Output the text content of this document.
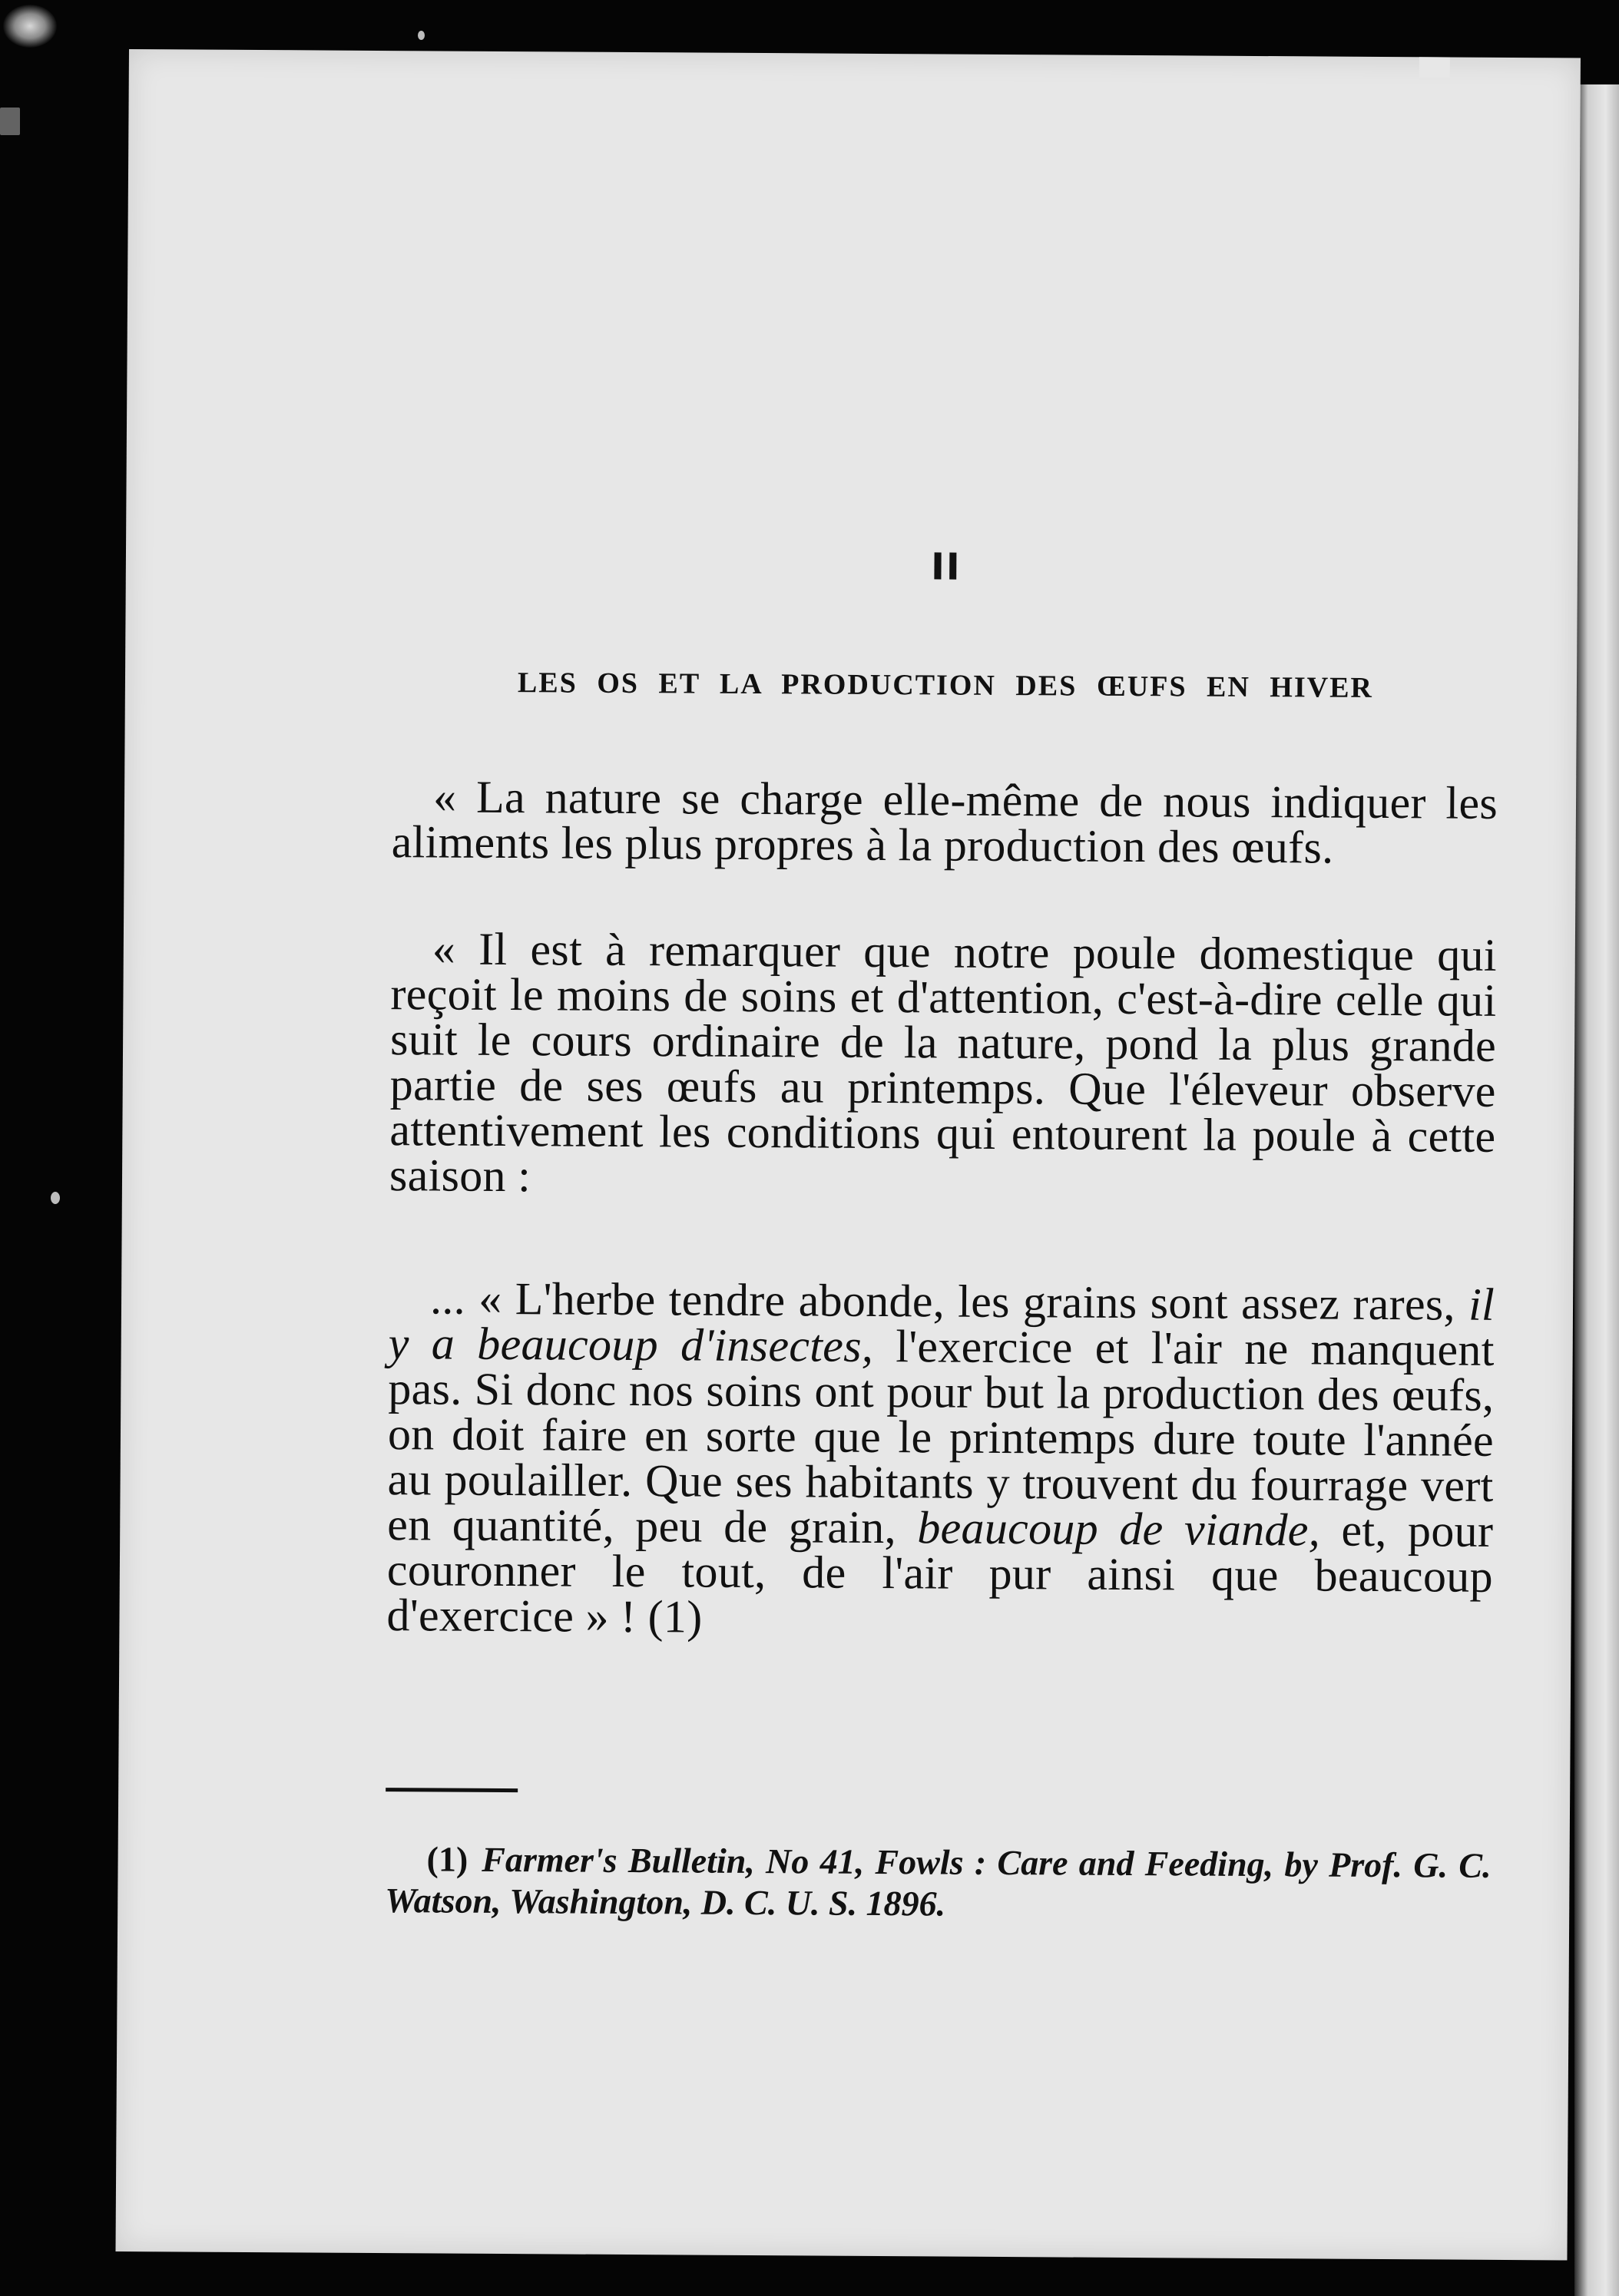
II
LES OS ET LA PRODUCTION DES ŒUFS EN HIVER

« La nature se charge elle-même de nous indiquer les aliments les plus propres à la production des œufs.

« Il est à remarquer que notre poule domestique qui reçoit le moins de soins et d'attention, c'est-à-dire celle qui suit le cours ordinaire de la nature, pond la plus grande partie de ses œufs au printemps. Que l'éleveur observe attentivement les conditions qui entourent la poule à cette saison :

... « L'herbe tendre abonde, les grains sont assez rares, il y a beaucoup d'insectes, l'exercice et l'air ne manquent pas. Si donc nos soins ont pour but la production des œufs, on doit faire en sorte que le printemps dure toute l'année au poulailler. Que ses habitants y trouvent du fourrage vert en quantité, peu de grain, beaucoup de viande, et, pour couronner le tout, de l'air pur ainsi que beaucoup d'exercice » ! (1)

(1) Farmer's Bulletin, No 41, Fowls : Care and Feeding, by Prof. G. C. Watson, Washington, D. C. U. S. 1896.
